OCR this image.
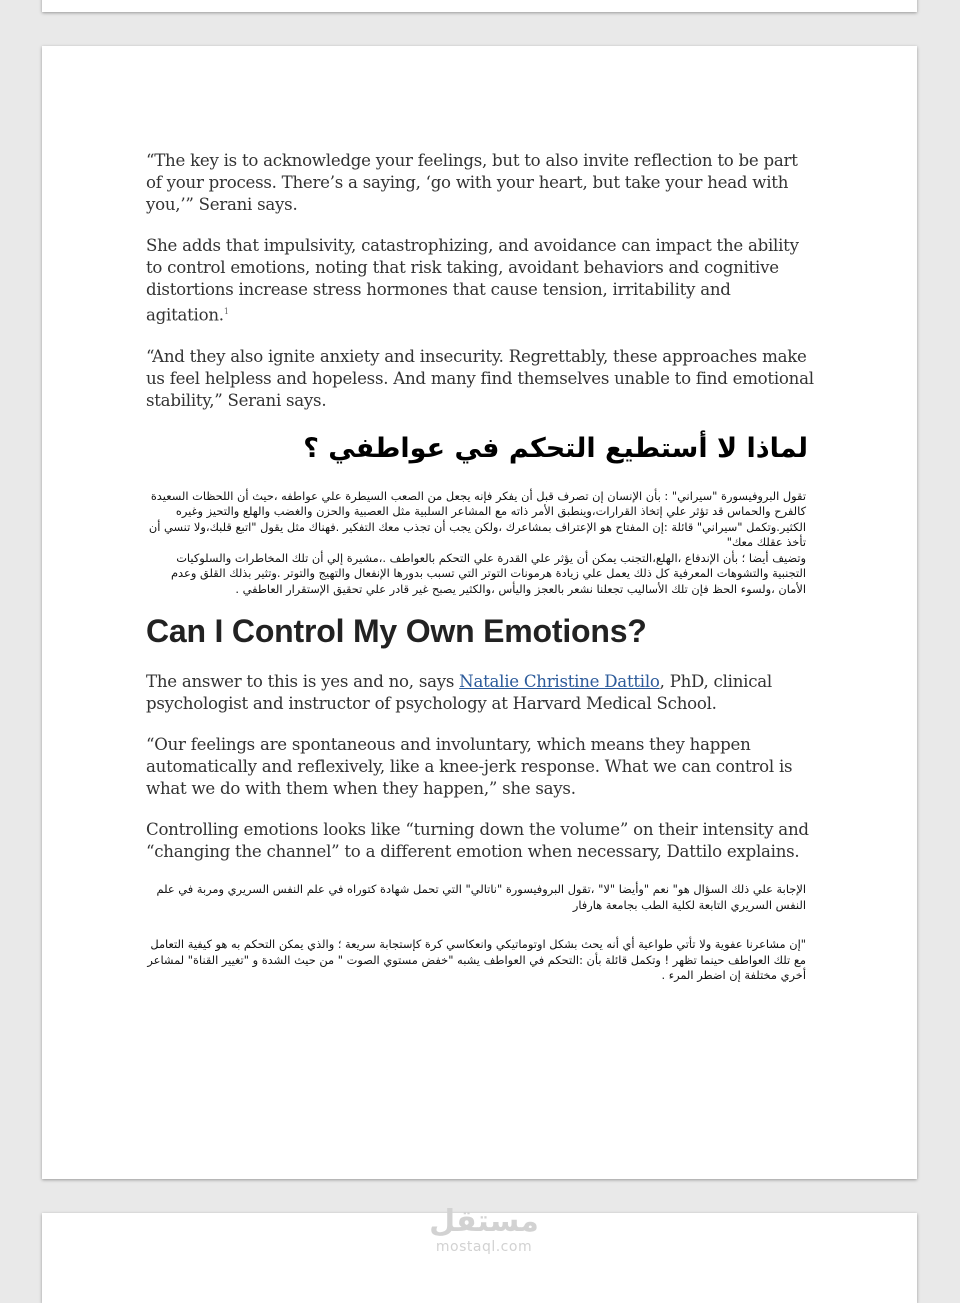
“The key is to acknowledge your feelings, but to also invite reflection to be part of your process. There’s a saying, ‘go with your heart, but take your head with you,’” Serani says.

She adds that impulsivity, catastrophizing, and avoidance can impact the ability to control emotions, noting that risk taking, avoidant behaviors and cognitive distortions increase stress hormones that cause tension, irritability and agitation.$^1$

“And they also ignite anxiety and insecurity. Regrettably, these approaches make us feel helpless and hopeless. And many find themselves unable to find emotional stability,” Serani says.

لماذا لا أستطيع التحكم في عواطفي ؟

تقول البروفيسورة "سيراني" : بأن الإنسان إن تصرف قبل أن يفكر فإنه يجعل من الصعب السيطرة علي عواطفه ،حيث أن اللحظات السعيدة كالفرح والحماس قد تؤثر علي إتخاذ القرارات،وينطبق الأمر ذاته مع المشاعر السلبية مثل العصبية والحزن والغضب والهلع والتحيز وغيره الكثير.وتكمل "سيراني" قائلة :إن المفتاح هو الإعتراف بمشاعرك ،ولكن يجب أن تجذب معك التفكير .فهناك مثل يقول "اتبع قلبك،ولا تنسي أن تأخذ عقلك معك"

وتضيف أيضا ؛ بأن الإندفاع ،الهلع،التجنب يمكن أن يؤثر علي القدرة علي التحكم بالعواطف .،مشيرة إلي أن تلك المخاطرات والسلوكيات التجنبية والتشوهات المعرفية كل ذلك يعمل علي زيادة هرمونات التوتر التي تسبب بدورها الإنفعال والتهيج والتوتر .وتثير بذلك القلق وعدم الأمان ،ولسوء الحظ فإن تلك الأساليب تجعلنا نشعر بالعجز واليأس ،والكثير يصبح غير قادر علي تحقيق الإستقرار العاطفي .

Can I Control My Own Emotions?

The answer to this is yes and no, says Natalie Christine Dattilo, PhD, clinical psychologist and instructor of psychology at Harvard Medical School.

“Our feelings are spontaneous and involuntary, which means they happen automatically and reflexively, like a knee-jerk response. What we can control is what we do with them when they happen,” she says.

Controlling emotions looks like “turning down the volume” on their intensity and “changing the channel” to a different emotion when necessary, Dattilo explains.

الإجابة علي ذلك السؤال هو" نعم "وأيضا "لا" ،تقول البروفيسورة "ناتالي" التي تحمل شهادة كتوراه في علم النفس السريري ومربة في علم النفس السريري التابعة لكلية الطب بجامعة هارفار

"إن مشاعرنا عفوية ولا تأتي طواعية أي أنه يحث بشكل اوتوماتيكي وانعكاسي كرة كإستجابة سريعة ؛ والذي يمكن التحكم به هو كيفية التعامل مع تلك العواطف حينما تظهر ! وتكمل قائلة بأن :التحكم في العواطف يشبه "خفض مستوي الصوت " من حيث الشدة و "تغيير القناة" لمشاعر أخري مختلفة إن اضطر المرء .

مستقل
mostaql.com
